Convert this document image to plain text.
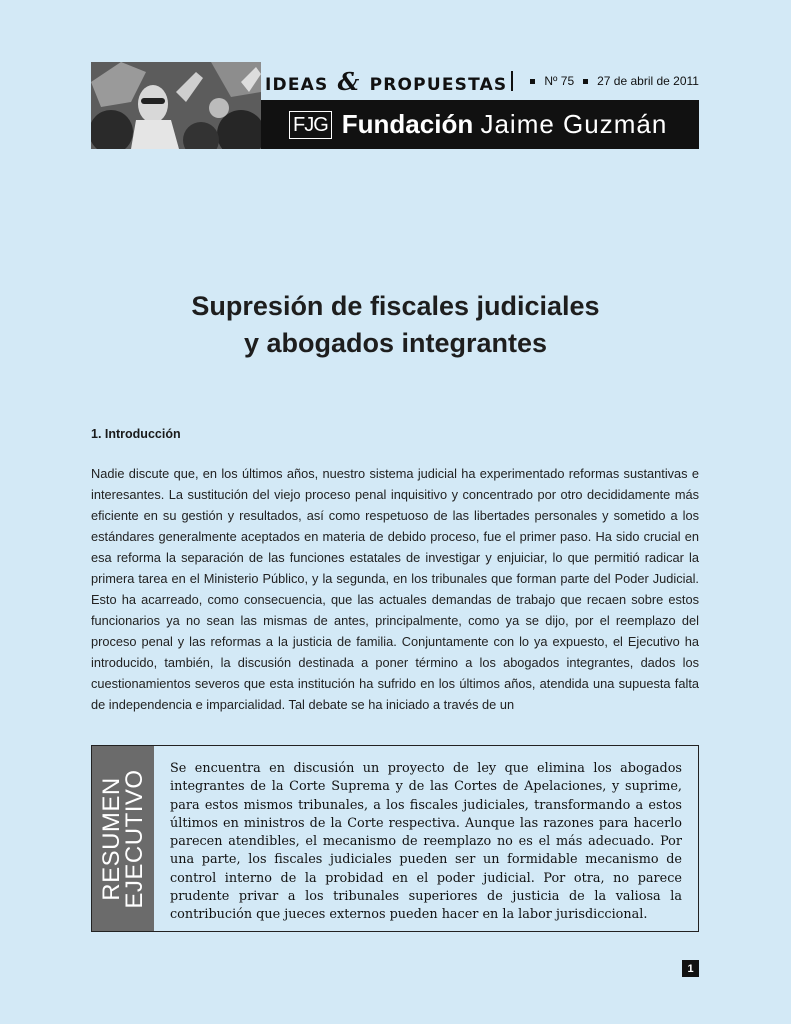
IDEAS & PROPUESTAS	Nº 75 27 de abril de 2011
FJG Fundación Jaime Guzmán
Supresión de fiscales judiciales
y abogados integrantes
1. Introducción

Nadie discute que, en los últimos años, nuestro sistema judicial ha experimentado reformas sustantivas e interesantes. La sustitución del viejo proceso penal inquisitivo y concentrado por otro decididamente más eficiente en su gestión y resultados, así como respetuoso de las libertades personales y sometido a los estándares generalmente aceptados en materia de debido proceso, fue el primer paso. Ha sido crucial en esa reforma la separación de las funciones estatales de investigar y enjuiciar, lo que permitió radicar la primera tarea en el Ministerio Público, y la segunda, en los tribunales que forman parte del Poder Judicial. Esto ha acarreado, como consecuencia, que las actuales demandas de trabajo que recaen sobre estos funcionarios ya no sean las mismas de antes, principalmente, como ya se dijo, por el reemplazo del proceso penal y las reformas a la justicia de familia. Conjuntamente con lo ya expuesto, el Ejecutivo ha introducido, también, la discusión destinada a poner término a los abogados integrantes, dados los cuestionamientos severos que esta institución ha sufrido en los últimos años, atendida una supuesta falta de independencia e imparcialidad. Tal debate se ha iniciado a través de un

RESUMEN
EJECUTIVO
Se encuentra en discusión un proyecto de ley que elimina los abogados integrantes de la Corte Suprema y de las Cortes de Apelaciones, y suprime, para estos mismos tribunales, a los fiscales judiciales, transformando a estos últimos en ministros de la Corte respectiva. Aunque las razones para hacerlo parecen atendibles, el mecanismo de reemplazo no es el más adecuado. Por una parte, los fiscales judiciales pueden ser un formidable mecanismo de control interno de la probidad en el poder judicial. Por otra, no parece prudente privar a los tribunales superiores de justicia de la valiosa la contribución que jueces externos pueden hacer en la labor jurisdiccional.
1
